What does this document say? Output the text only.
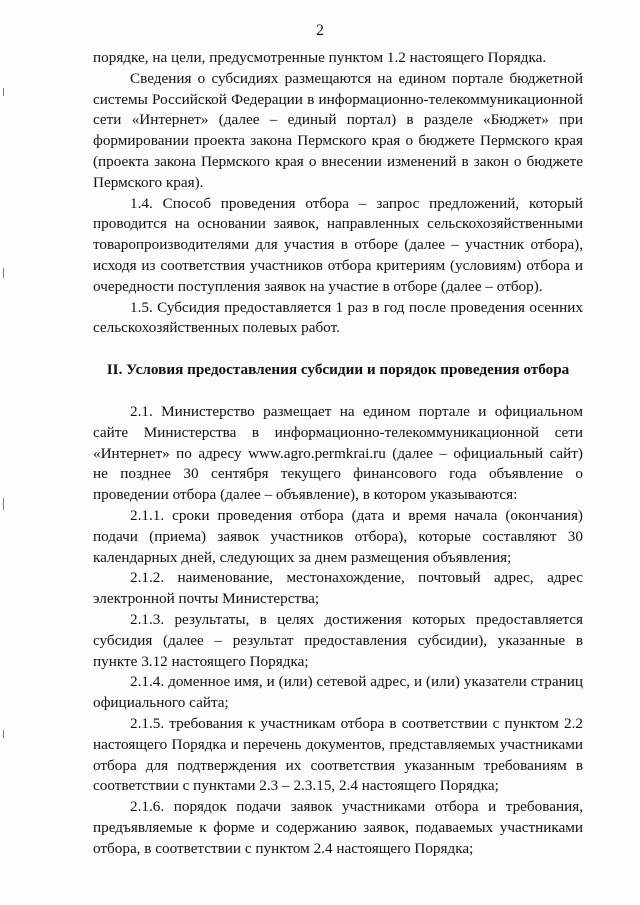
2

порядке, на цели, предусмотренные пунктом 1.2 настоящего Порядка.

Сведения о субсидиях размещаются на едином портале бюджетной системы Российской Федерации в информационно-телекоммуникационной сети «Интернет» (далее – единый портал) в разделе «Бюджет» при формировании проекта закона Пермского края о бюджете Пермского края (проекта закона Пермского края о внесении изменений в закон о бюджете Пермского края).

1.4. Способ проведения отбора – запрос предложений, который проводится на основании заявок, направленных сельскохозяйственными товаропроизводителями для участия в отборе (далее – участник отбора), исходя из соответствия участников отбора критериям (условиям) отбора и очередности поступления заявок на участие в отборе (далее – отбор).

1.5. Субсидия предоставляется 1 раз в год после проведения осенних сельскохозяйственных полевых работ.

II. Условия предоставления субсидии и порядок проведения отбора

2.1. Министерство размещает на едином портале и официальном сайте Министерства в информационно-телекоммуникационной сети «Интернет» по адресу www.agro.permkrai.ru (далее – официальный сайт) не позднее 30 сентября текущего финансового года объявление о проведении отбора (далее – объявление), в котором указываются:

2.1.1. сроки проведения отбора (дата и время начала (окончания) подачи (приема) заявок участников отбора), которые составляют 30 календарных дней, следующих за днем размещения объявления;

2.1.2. наименование, местонахождение, почтовый адрес, адрес электронной почты Министерства;

2.1.3. результаты, в целях достижения которых предоставляется субсидия (далее – результат предоставления субсидии), указанные в пункте 3.12 настоящего Порядка;

2.1.4. доменное имя, и (или) сетевой адрес, и (или) указатели страниц официального сайта;

2.1.5. требования к участникам отбора в соответствии с пунктом 2.2 настоящего Порядка и перечень документов, представляемых участниками отбора для подтверждения их соответствия указанным требованиям в соответствии с пунктами 2.3 – 2.3.15, 2.4 настоящего Порядка;

2.1.6. порядок подачи заявок участниками отбора и требования, предъявляемые к форме и содержанию заявок, подаваемых участниками отбора, в соответствии с пунктом 2.4 настоящего Порядка;
